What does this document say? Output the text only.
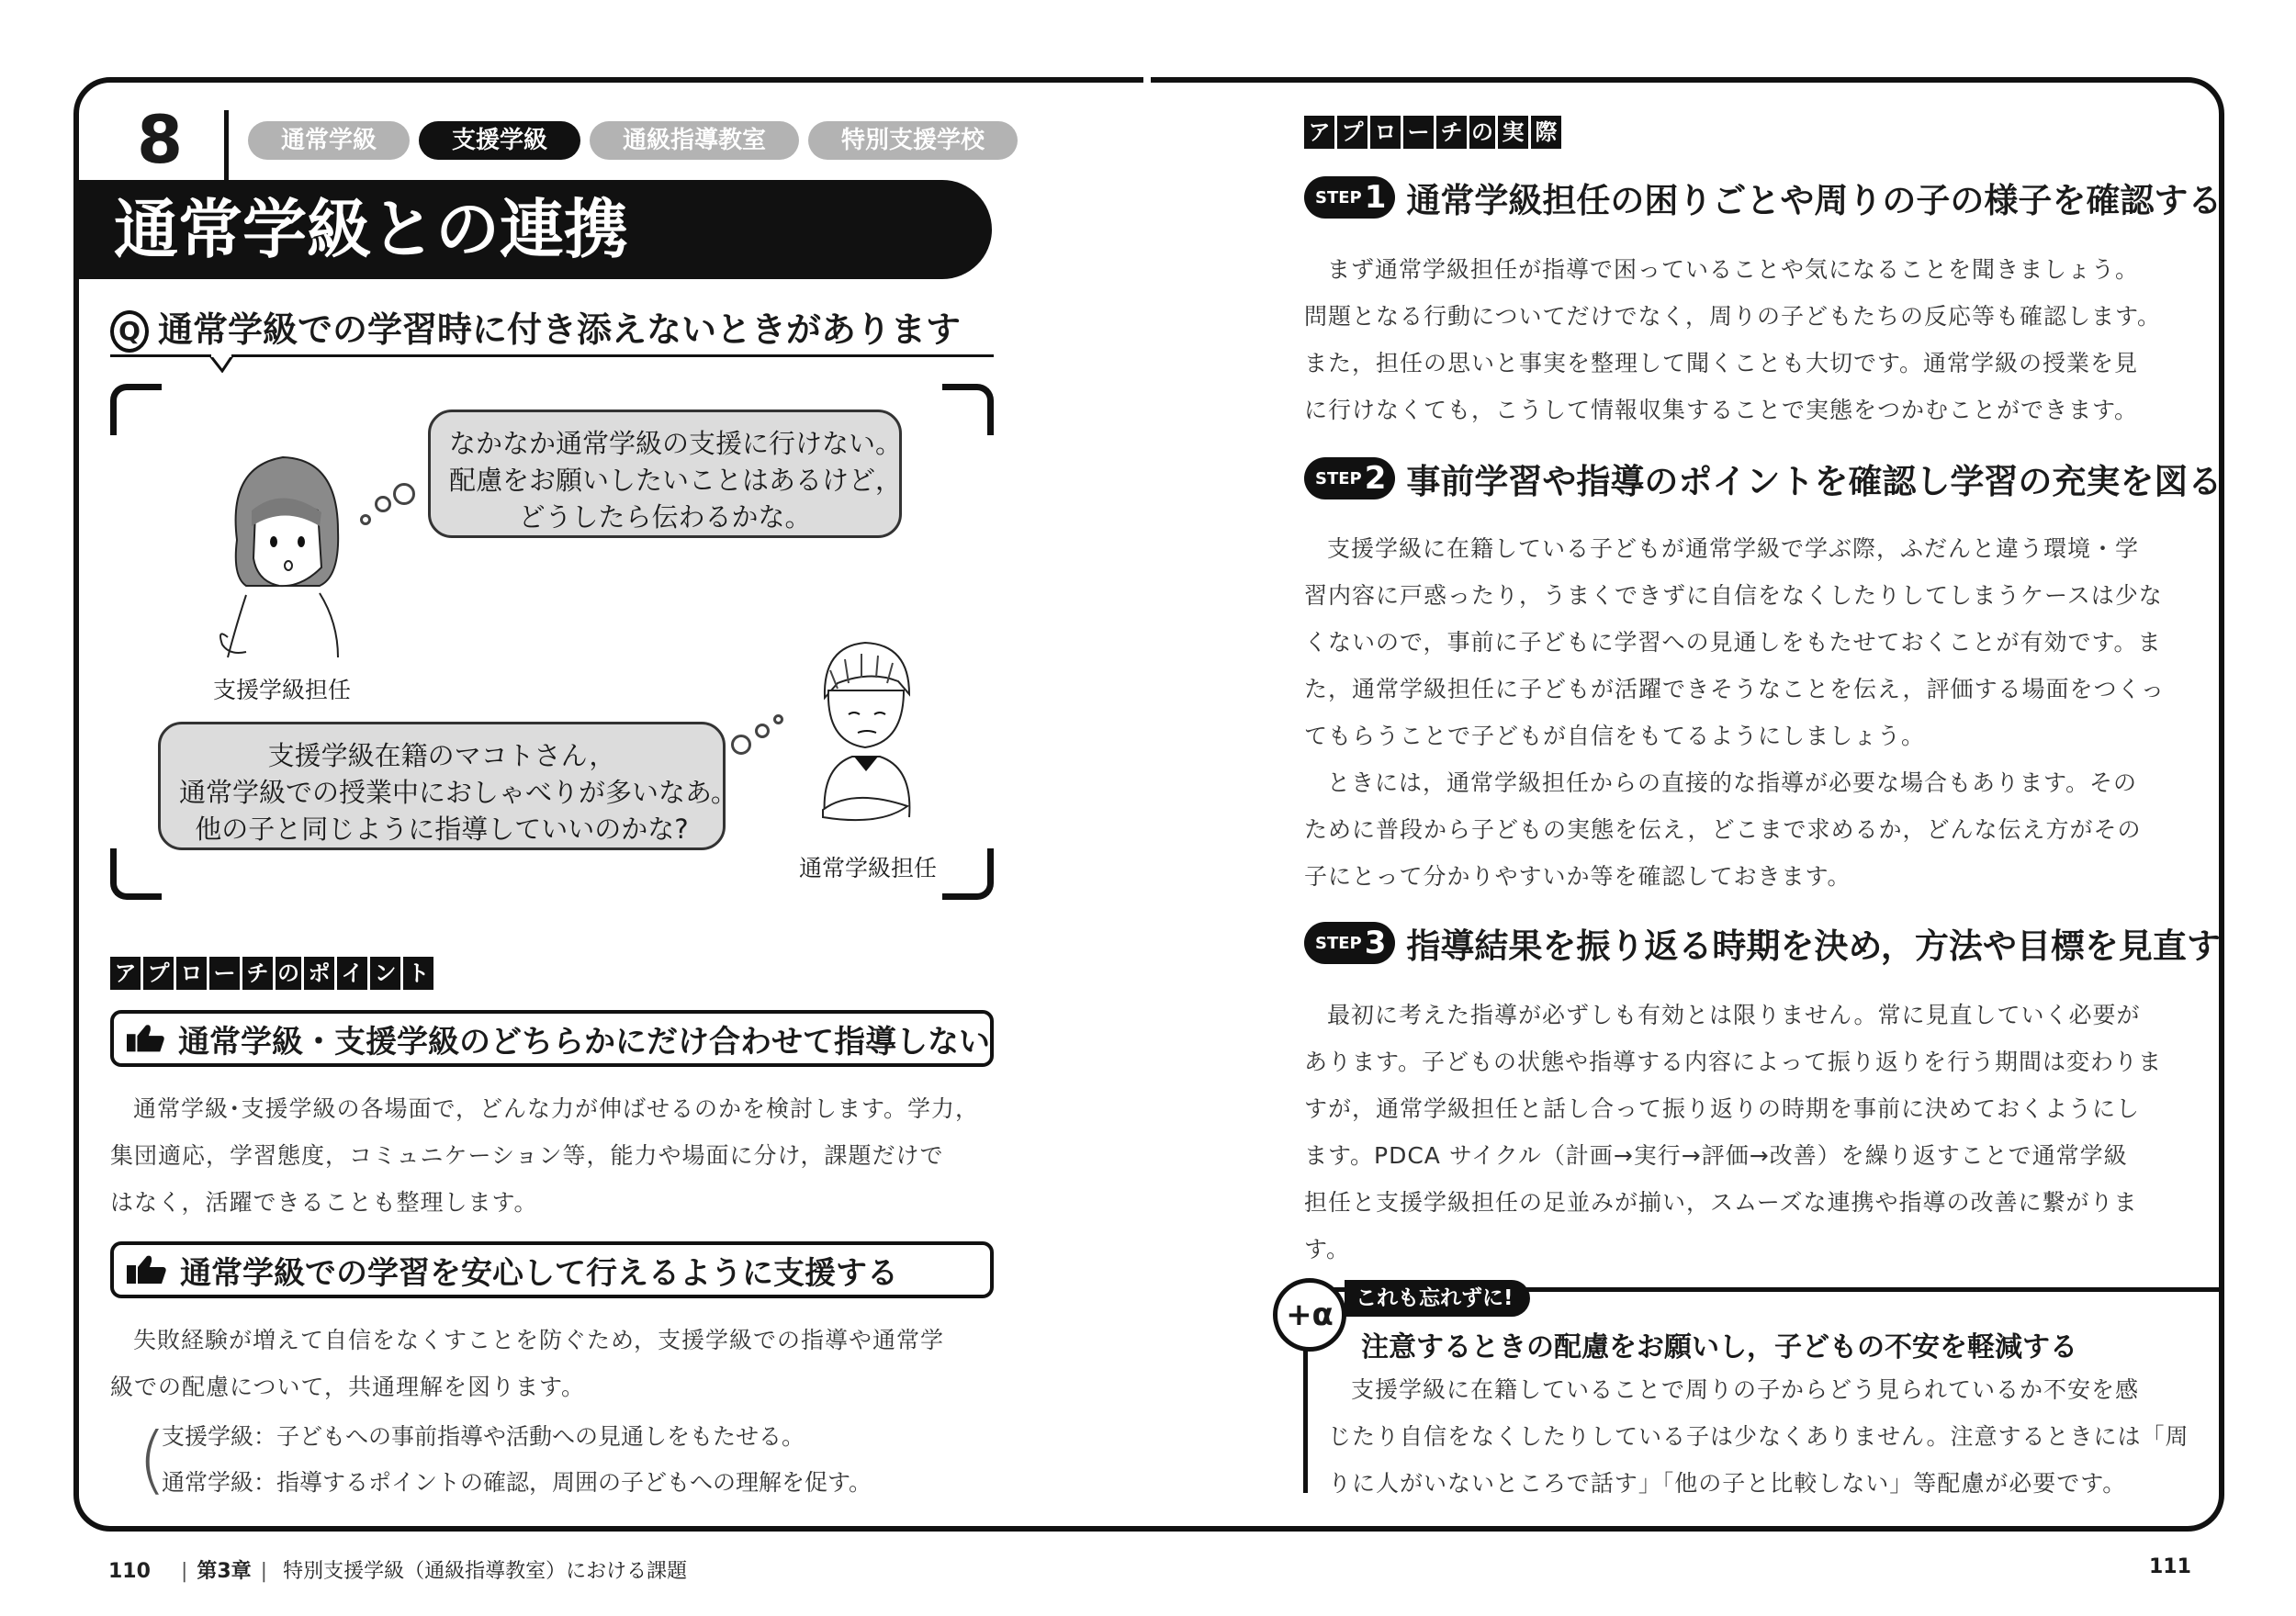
8	通常学級	支援学級	通級指導教室	特別支援学校
通常学級との連携
Q 通常学級での学習時に付き添えないときがあります
なかなか通常学級の支援に行けない。
配慮をお願いしたいことはあるけど，
どうしたら伝わるかな。
支援学級担任
支援学級在籍のマコトさん，
通常学級での授業中におしゃべりが多いなあ。
他の子と同じように指導していいのかな?
通常学級担任
ア プ ロ ー チ の ポ イ ン ト
通常学級・支援学級のどちらかにだけ合わせて指導しない
通常学級･支援学級の各場面で，どんな力が伸ばせるのかを検討します。学力，
集団適応，学習態度，コミュニケーション等，能力や場面に分け，課題だけで
はなく，活躍できることも整理します。
通常学級での学習を安心して行えるように支援する
失敗経験が増えて自信をなくすことを防ぐため，支援学級での指導や通常学
級での配慮について，共通理解を図ります。
(
支援学級：子どもへの事前指導や活動への見通しをもたせる。
通常学級：指導するポイントの確認，周囲の子どもへの理解を促す。
110 | 第3章 | 特別支援学級（通級指導教室）における課題
ア プ ロ ー チ の 実 際
STEP 1 通常学級担任の困りごとや周りの子の様子を確認する
まず通常学級担任が指導で困っていることや気になることを聞きましょう。
問題となる行動についてだけでなく，周りの子どもたちの反応等も確認します。
また，担任の思いと事実を整理して聞くことも大切です。通常学級の授業を見
に行けなくても，こうして情報収集することで実態をつかむことができます。
STEP 2 事前学習や指導のポイントを確認し学習の充実を図る
支援学級に在籍している子どもが通常学級で学ぶ際，ふだんと違う環境・学
習内容に戸惑ったり，うまくできずに自信をなくしたりしてしまうケースは少な
くないので，事前に子どもに学習への見通しをもたせておくことが有効です。ま
た，通常学級担任に子どもが活躍できそうなことを伝え，評価する場面をつくっ
てもらうことで子どもが自信をもてるようにしましょう。
ときには，通常学級担任からの直接的な指導が必要な場合もあります。その
ために普段から子どもの実態を伝え，どこまで求めるか，どんな伝え方がその
子にとって分かりやすいか等を確認しておきます。
STEP 3 指導結果を振り返る時期を決め，方法や目標を見直す
最初に考えた指導が必ずしも有効とは限りません。常に見直していく必要が
あります。子どもの状態や指導する内容によって振り返りを行う期間は変わりま
すが，通常学級担任と話し合って振り返りの時期を事前に決めておくようにし
ます。PDCA サイクル（計画→実行→評価→改善）を繰り返すことで通常学級
担任と支援学級担任の足並みが揃い，スムーズな連携や指導の改善に繋がりま
す。
+α	これも忘れずに!
注意するときの配慮をお願いし，子どもの不安を軽減する
支援学級に在籍していることで周りの子からどう見られているか不安を感
じたり自信をなくしたりしている子は少なくありません。注意するときには「周
りに人がいないところで話す」「他の子と比較しない」等配慮が必要です。
111
